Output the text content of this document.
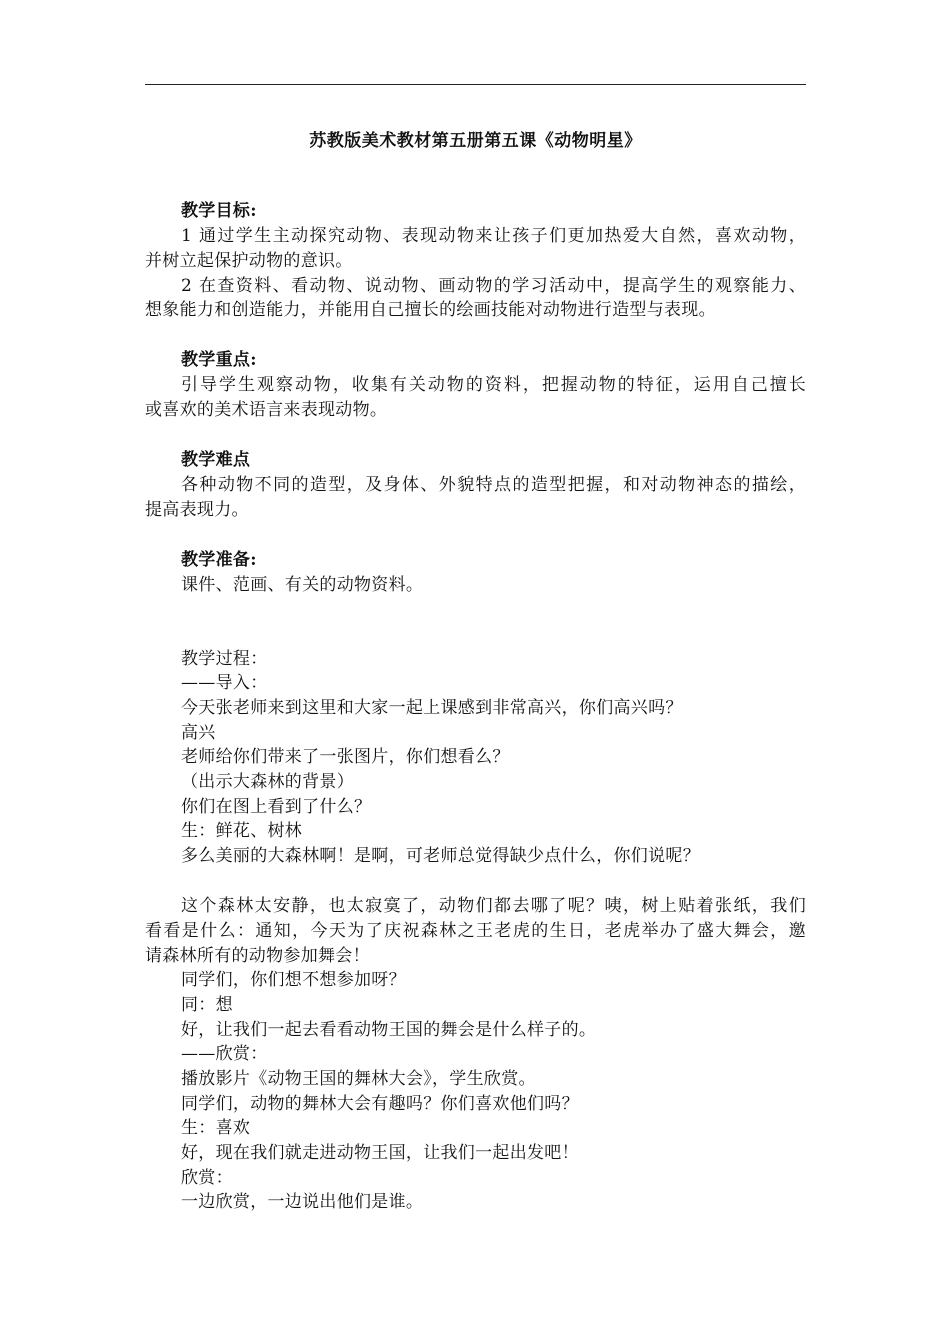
苏教版美术教材第五册第五课《动物明星》
教学目标:
1 通过学生主动探究动物、表现动物来让孩子们更加热爱大自然，喜欢动物，
并树立起保护动物的意识。
2 在查资料、看动物、说动物、画动物的学习活动中，提高学生的观察能力、
想象能力和创造能力，并能用自己擅长的绘画技能对动物进行造型与表现。
教学重点:
引导学生观察动物，收集有关动物的资料，把握动物的特征，运用自己擅长
或喜欢的美术语言来表现动物。
教学难点
各种动物不同的造型，及身体、外貌特点的造型把握，和对动物神态的描绘，
提高表现力。
教学准备:
课件、范画、有关的动物资料。
教学过程：
——导入：
今天张老师来到这里和大家一起上课感到非常高兴，你们高兴吗？
高兴
老师给你们带来了一张图片，你们想看么？
（出示大森林的背景）
你们在图上看到了什么？
生：鲜花、树林
多么美丽的大森林啊！是啊，可老师总觉得缺少点什么，你们说呢？
这个森林太安静，也太寂寞了，动物们都去哪了呢？咦，树上贴着张纸，我们
看看是什么：通知，今天为了庆祝森林之王老虎的生日，老虎举办了盛大舞会，邀
请森林所有的动物参加舞会！
同学们，你们想不想参加呀？
同：想
好，让我们一起去看看动物王国的舞会是什么样子的。
——欣赏：
播放影片《动物王国的舞林大会》，学生欣赏。
同学们，动物的舞林大会有趣吗？你们喜欢他们吗？
生：喜欢
好，现在我们就走进动物王国，让我们一起出发吧！
欣赏：
一边欣赏，一边说出他们是谁。
